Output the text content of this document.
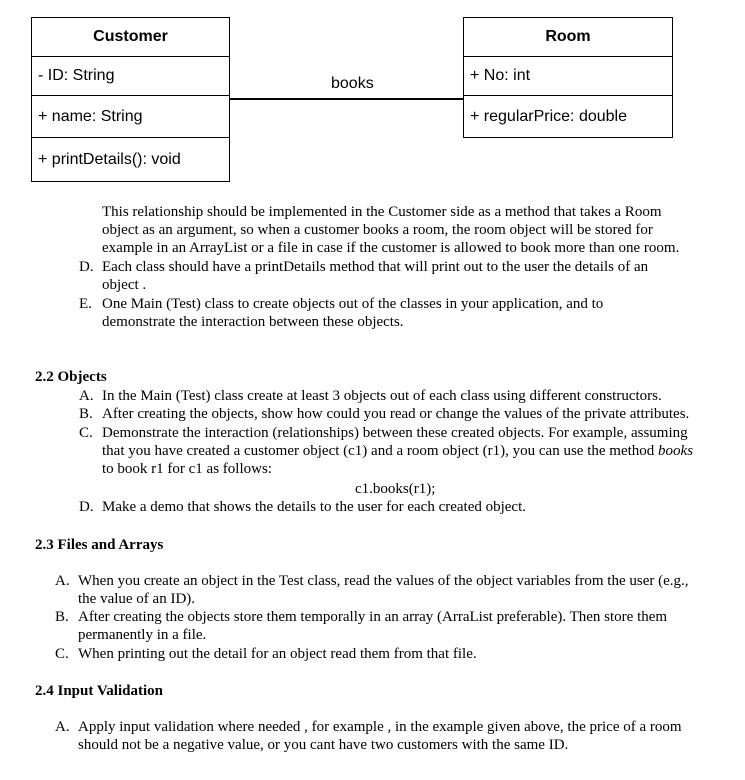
Customer
- ID: String
+ name: String
+ printDetails(): void
books
Room
+ No: int
+ regularPrice: double
This relationship should be implemented in the Customer side as a method that takes a Room
object as an argument, so when a customer books a room, the room object will be stored for
example in an ArrayList or a file in case if the customer is allowed to book more than one room.
D. Each class should have a printDetails method that will print out to the user the details of an
object .
E. One Main (Test) class to create objects out of the classes in your application, and to
demonstrate the interaction between these objects.
2.2 Objects
A. In the Main (Test) class create at least 3 objects out of each class using different constructors.
B. After creating the objects, show how could you read or change the values of the private attributes.
C. Demonstrate the interaction (relationships) between these created objects. For example, assuming
that you have created a customer object (c1) and a room object (r1), you can use the method books
to book r1 for c1 as follows:
c1.books(r1);
D. Make a demo that shows the details to the user for each created object.
2.3 Files and Arrays
A. When you create an object in the Test class, read the values of the object variables from the user (e.g.,
the value of an ID).
B. After creating the objects store them temporally in an array (ArraList preferable). Then store them
permanently in a file.
C. When printing out the detail for an object read them from that file.
2.4 Input Validation
A. Apply input validation where needed , for example , in the example given above, the price of a room
should not be a negative value, or you cant have two customers with the same ID.
